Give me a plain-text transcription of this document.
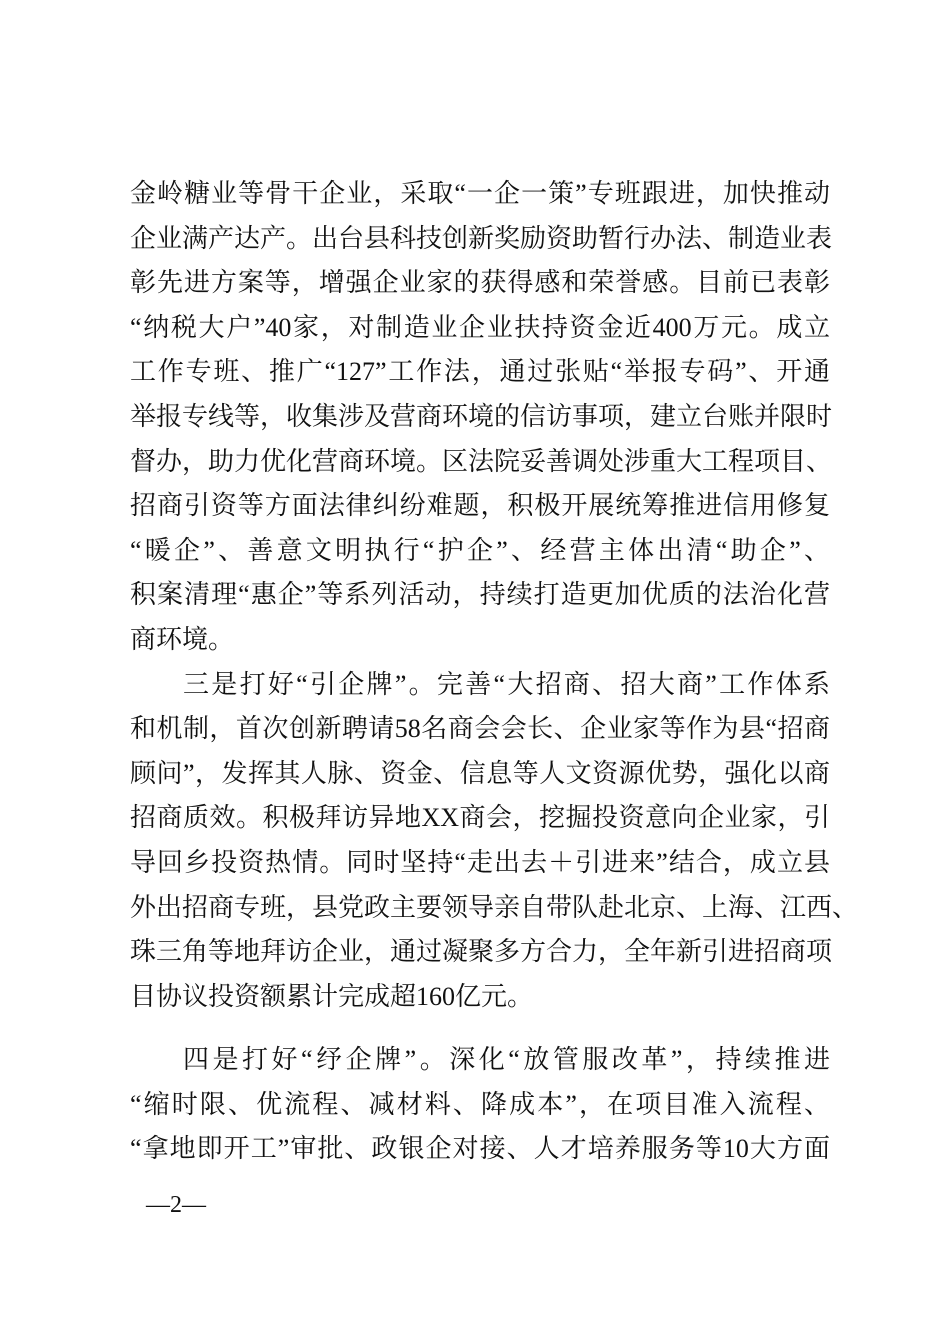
金岭糖业等骨干企业，采取“一企一策”专班跟进，加快推动
企业满产达产。出台县科技创新奖励资助暂行办法、制造业表
彰先进方案等，增强企业家的获得感和荣誉感。目前已表彰
“纳税大户”40家，对制造业企业扶持资金近400万元。成立
工作专班、推广“127”工作法，通过张贴“举报专码”、开通
举报专线等，收集涉及营商环境的信访事项，建立台账并限时
督办，助力优化营商环境。区法院妥善调处涉重大工程项目、
招商引资等方面法律纠纷难题，积极开展统筹推进信用修复
“暖企”、善意文明执行“护企”、经营主体出清“助企”、
积案清理“惠企”等系列活动，持续打造更加优质的法治化营
商环境。
三是打好“引企牌”。完善“大招商、招大商”工作体系
和机制，首次创新聘请58名商会会长、企业家等作为县“招商
顾问”，发挥其人脉、资金、信息等人文资源优势，强化以商
招商质效。积极拜访异地XX商会，挖掘投资意向企业家，引
导回乡投资热情。同时坚持“走出去＋引进来”结合，成立县
外出招商专班，县党政主要领导亲自带队赴北京、上海、江西、
珠三角等地拜访企业，通过凝聚多方合力，全年新引进招商项
目协议投资额累计完成超160亿元。
四是打好“纾企牌”。深化“放管服改革”，持续推进
“缩时限、优流程、减材料、降成本”，在项目准入流程、
“拿地即开工”审批、政银企对接、人才培养服务等10大方面
—2—
